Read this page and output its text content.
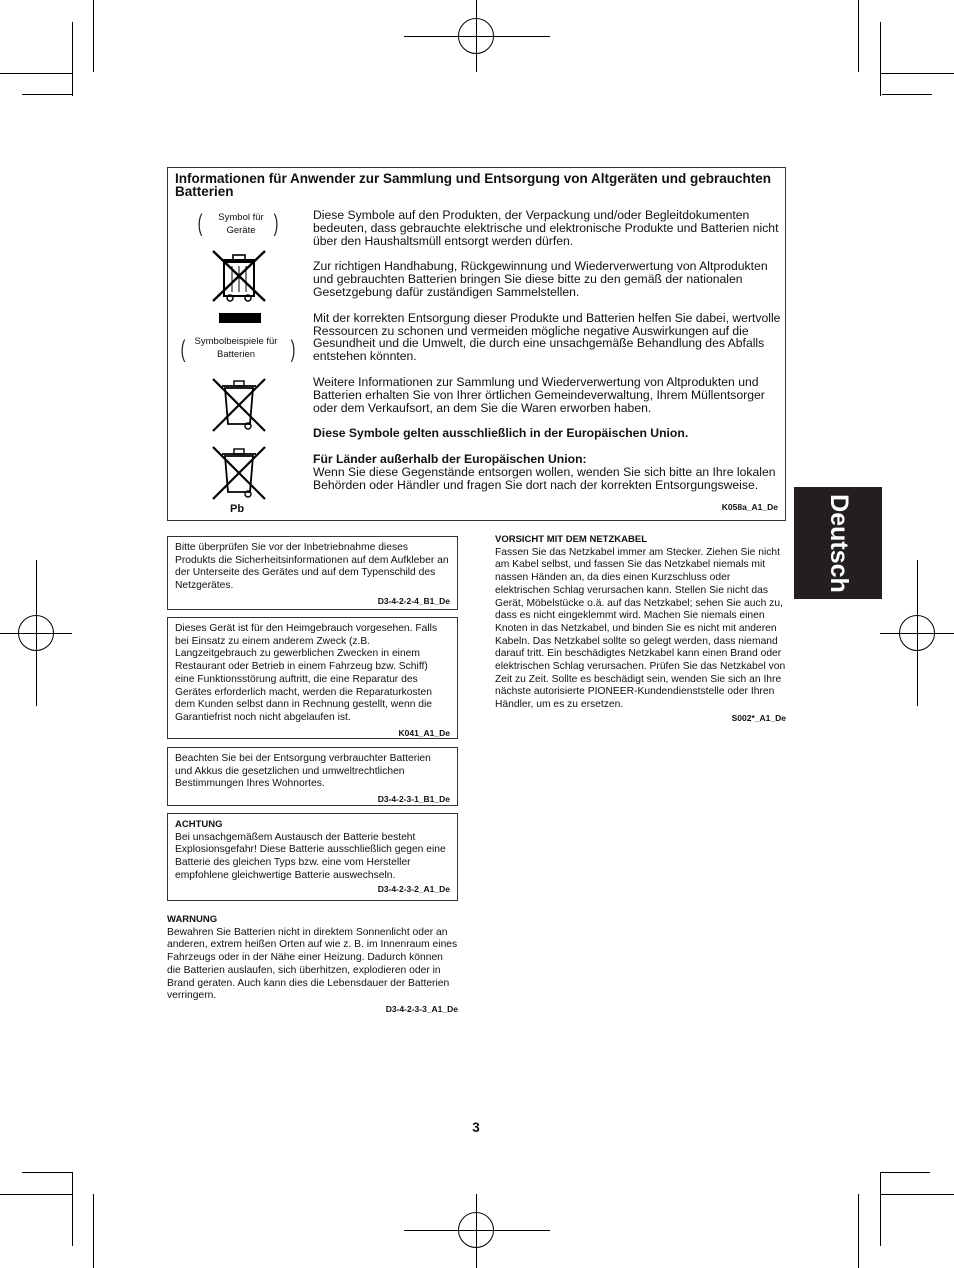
Informationen für Anwender zur Sammlung und Entsorgung von Altgeräten und gebrauchten Batterien
(	Symbol für Geräte )
( Symbolbeispiele für Batterien	)
Pb

Diese Symbole auf den Produkten, der Verpackung und/oder Begleitdokumenten bedeuten, dass gebrauchte elektrische und elektronische Produkte und Batterien nicht über den Haushaltsmüll entsorgt werden dürfen.

Zur richtigen Handhabung, Rückgewinnung und Wiederverwertung von Altprodukten und gebrauchten Batterien bringen Sie diese bitte zu den gemäß der nationalen Gesetzgebung dafür zuständigen Sammelstellen.

Mit der korrekten Entsorgung dieser Produkte und Batterien helfen Sie dabei, wertvolle Ressourcen zu schonen und vermeiden mögliche negative Auswirkungen auf die Gesundheit und die Umwelt, die durch eine unsachgemäße Behandlung des Abfalls entstehen könnten.

Weitere Informationen zur Sammlung und Wiederverwertung von Altprodukten und Batterien erhalten Sie von Ihrer örtlichen Gemeindeverwaltung, Ihrem Müllentsorger oder dem Verkaufsort, an dem Sie die Waren erworben haben.

Diese Symbole gelten ausschließlich in der Europäischen Union.

Für Länder außerhalb der Europäischen Union:
Wenn Sie diese Gegenstände entsorgen wollen, wenden Sie sich bitte an Ihre lokalen Behörden oder Händler und fragen Sie dort nach der korrekten Entsorgungsweise.

K058a_A1_De
Bitte überprüfen Sie vor der Inbetriebnahme dieses Produkts die Sicherheitsinformationen auf dem Aufkleber an der Unterseite des Gerätes und auf dem Typenschild des Netzgerätes.
D3-4-2-2-4_B1_De
Dieses Gerät ist für den Heimgebrauch vorgesehen. Falls bei Einsatz zu einem anderem Zweck (z.B. Langzeitgebrauch zu gewerblichen Zwecken in einem Restaurant oder Betrieb in einem Fahrzeug bzw. Schiff) eine Funktionsstörung auftritt, die eine Reparatur des Gerätes erforderlich macht, werden die Reparaturkosten dem Kunden selbst dann in Rechnung gestellt, wenn die Garantiefrist noch nicht abgelaufen ist.
K041_A1_De
Beachten Sie bei der Entsorgung verbrauchter Batterien und Akkus die gesetzlichen und umweltrechtlichen Bestimmungen Ihres Wohnortes.
D3-4-2-3-1_B1_De
ACHTUNG
Bei unsachgemäßem Austausch der Batterie besteht Explosionsgefahr! Diese Batterie ausschließlich gegen eine Batterie des gleichen Typs bzw. eine vom Hersteller empfohlene gleichwertige Batterie auswechseln.
D3-4-2-3-2_A1_De
WARNUNG
Bewahren Sie Batterien nicht in direktem Sonnenlicht oder an anderen, extrem heißen Orten auf wie z. B. im Innenraum eines Fahrzeugs oder in der Nähe einer Heizung. Dadurch können die Batterien auslaufen, sich überhitzen, explodieren oder in Brand geraten. Auch kann dies die Lebensdauer der Batterien verringern.
D3-4-2-3-3_A1_De
VORSICHT MIT DEM NETZKABEL
Fassen Sie das Netzkabel immer am Stecker. Ziehen Sie nicht am Kabel selbst, und fassen Sie das Netzkabel niemals mit nassen Händen an, da dies einen Kurzschluss oder elektrischen Schlag verursachen kann. Stellen Sie nicht das Gerät, Möbelstücke o.ä. auf das Netzkabel; sehen Sie auch zu, dass es nicht eingeklemmt wird. Machen Sie niemals einen Knoten in das Netzkabel, und binden Sie es nicht mit anderen Kabeln. Das Netzkabel sollte so gelegt werden, dass niemand darauf tritt. Ein beschädigtes Netzkabel kann einen Brand oder elektrischen Schlag verursachen. Prüfen Sie das Netzkabel von Zeit zu Zeit. Sollte es beschädigt sein, wenden Sie sich an Ihre nächste autorisierte PIONEER-Kundendienststelle oder Ihren Händler, um es zu ersetzen.
S002*_A1_De
Deutsch
3
